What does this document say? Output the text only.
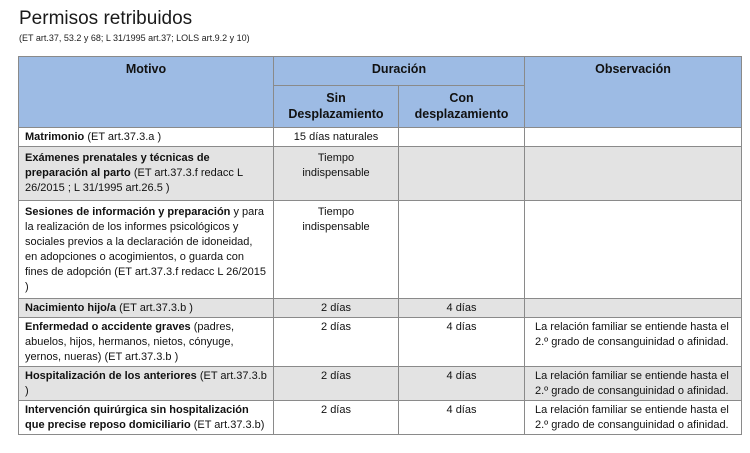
Permisos retribuidos
(ET art.37, 53.2 y 68; L 31/1995 art.37; LOLS art.9.2 y 10)
Motivo	Duración		Observación
	Sin Desplazamiento	Con desplazamiento	
Matrimonio (ET art.37.3.a )	15 días naturales		
Exámenes prenatales y técnicas de preparación al parto (ET art.37.3.f redacc L 26/2015 ; L 31/1995 art.26.5 )	Tiempo indispensable		
Sesiones de información y preparación y para la realización de los informes psicológicos y sociales previos a la declaración de idoneidad, en adopciones o acogimientos, o guarda con fines de adopción (ET art.37.3.f redacc L 26/2015 )	Tiempo indispensable		
Nacimiento hijo/a (ET art.37.3.b )	2 días	4 días	
Enfermedad o accidente graves (padres, abuelos, hijos, hermanos, nietos, cónyuge, yernos, nueras) (ET art.37.3.b )	2 días	4 días	La relación familiar se entiende hasta el 2.º grado de consanguinidad o afinidad.
Hospitalización de los anteriores (ET art.37.3.b )	2 días	4 días	La relación familiar se entiende hasta el 2.º grado de consanguinidad o afinidad.
Intervención quirúrgica sin hospitalización que precise reposo domiciliario (ET art.37.3.b)	2 días	4 días	La relación familiar se entiende hasta el 2.º grado de consanguinidad o afinidad.
